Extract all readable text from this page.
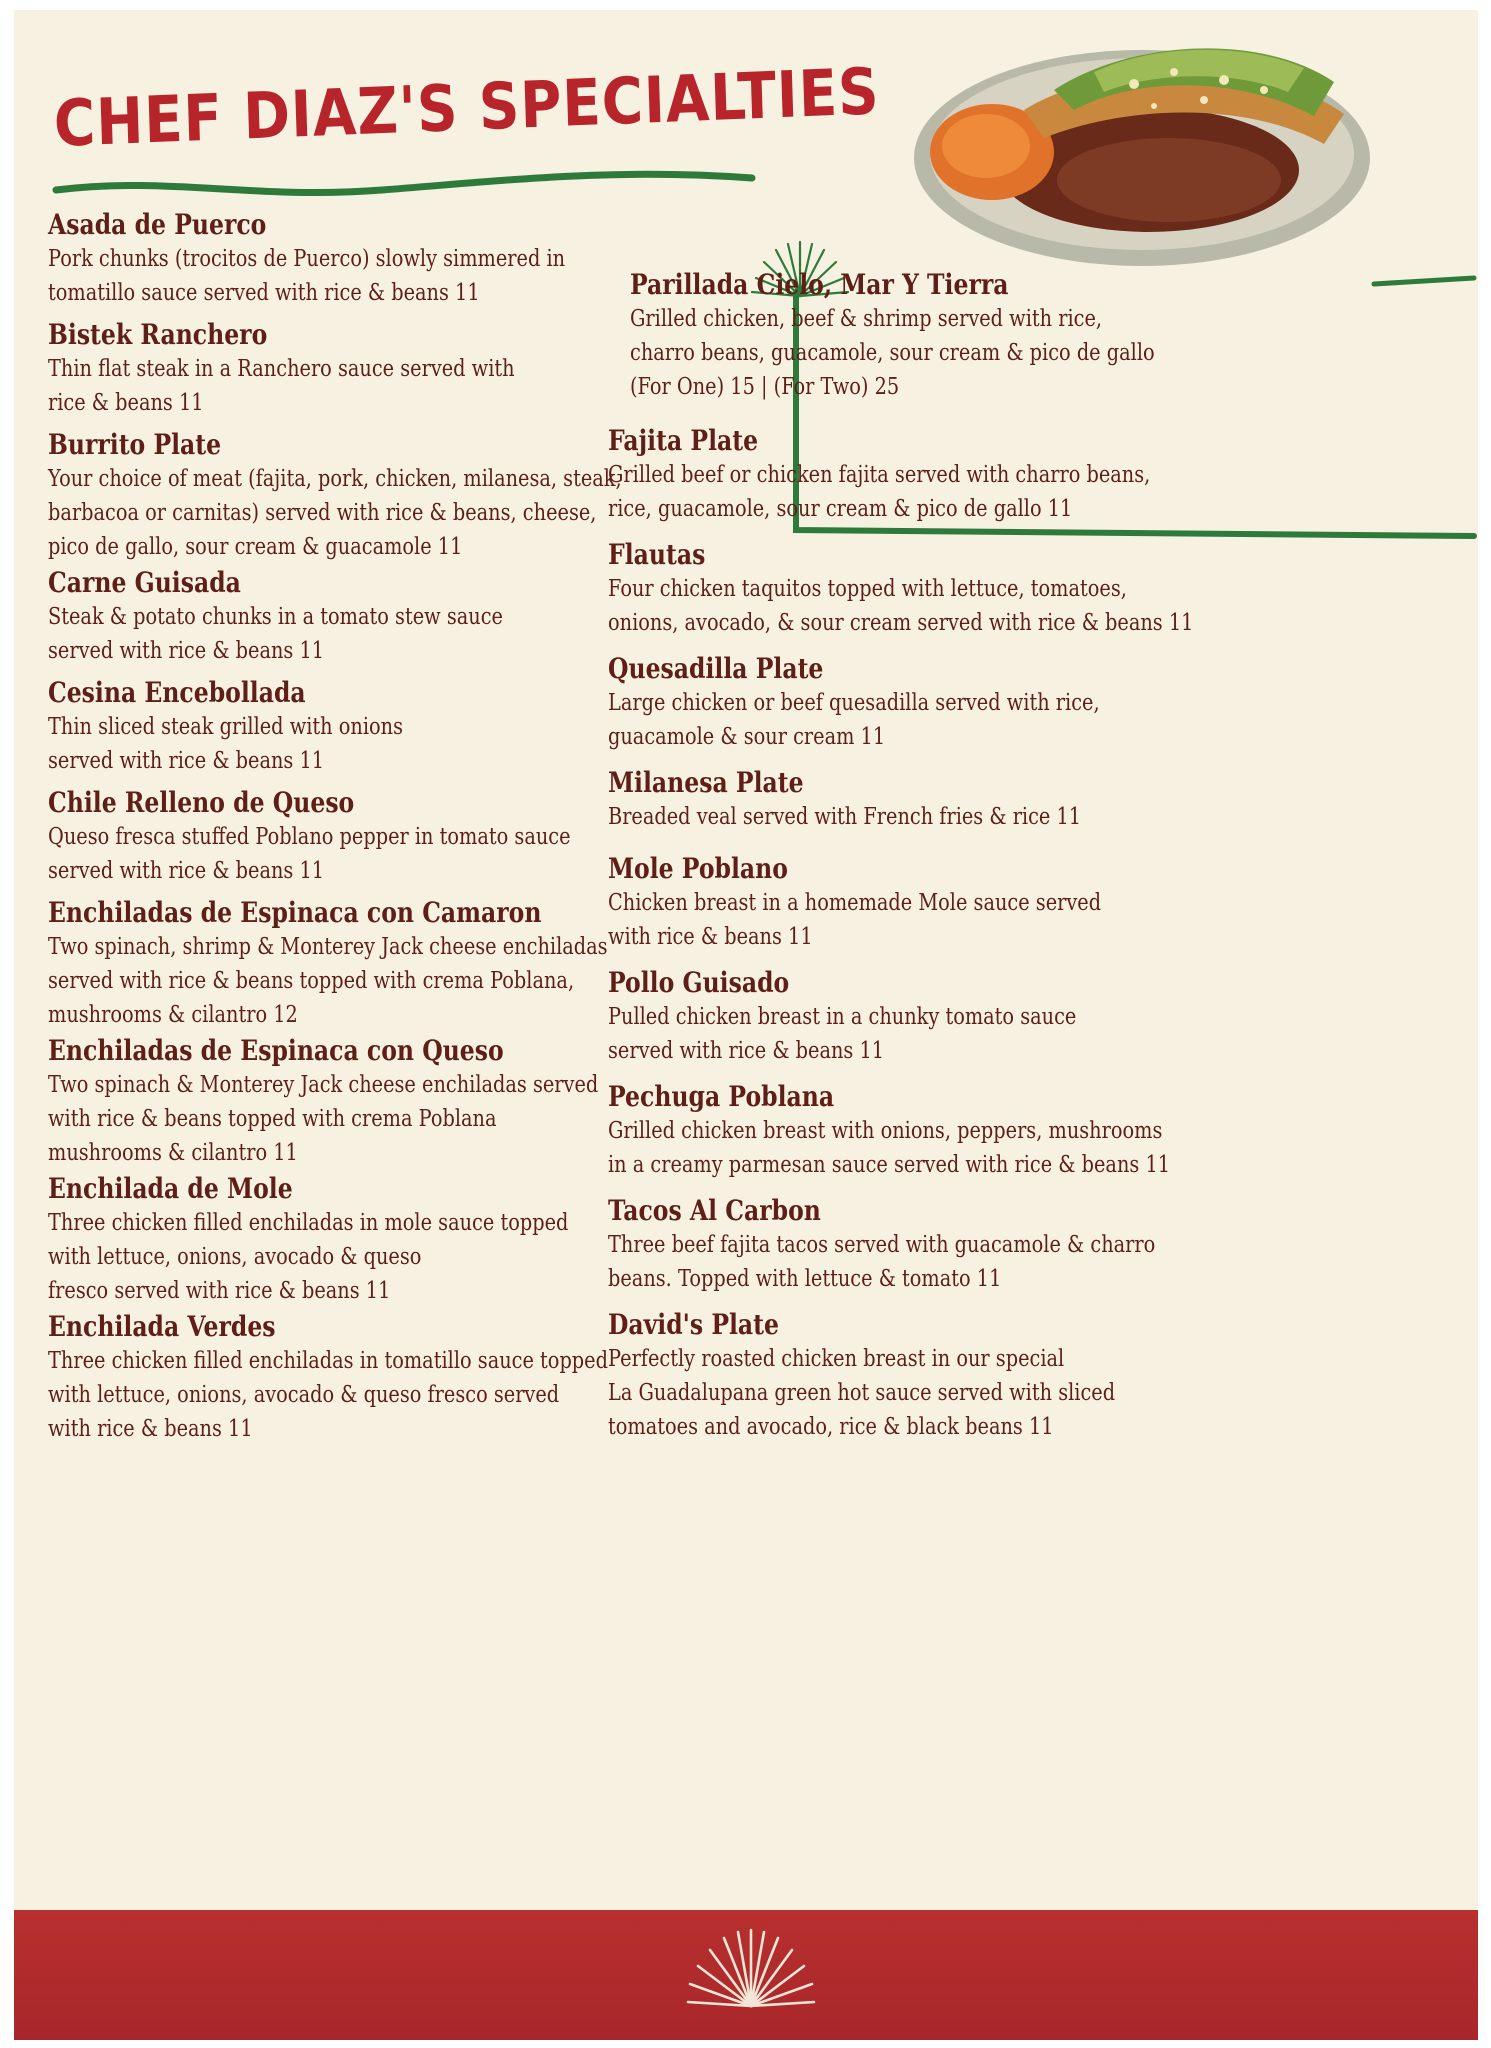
CHEF DIAZ'S SPECIALTIES
Asada de Puerco
Pork chunks (trocitos de Puerco) slowly simmered in
tomatillo sauce served with rice & beans 11
Bistek Ranchero
Thin flat steak in a Ranchero sauce served with
rice & beans 11
Burrito Plate
Your choice of meat (fajita, pork, chicken, milanesa, steak,
barbacoa or carnitas) served with rice & beans, cheese,
pico de gallo, sour cream & guacamole 11
Carne Guisada
Steak & potato chunks in a tomato stew sauce
served with rice & beans 11
Cesina Encebollada
Thin sliced steak grilled with onions
served with rice & beans 11
Chile Relleno de Queso
Queso fresca stuffed Poblano pepper in tomato sauce
served with rice & beans 11
Enchiladas de Espinaca con Camaron
Two spinach, shrimp & Monterey Jack cheese enchiladas
served with rice & beans topped with crema Poblana,
mushrooms & cilantro 12
Enchiladas de Espinaca con Queso
Two spinach & Monterey Jack cheese enchiladas served
with rice & beans topped with crema Poblana
mushrooms & cilantro 11
Enchilada de Mole
Three chicken filled enchiladas in mole sauce topped
with lettuce, onions, avocado & queso
fresco served with rice & beans 11
Enchilada Verdes
Three chicken filled enchiladas in tomatillo sauce topped
with lettuce, onions, avocado & queso fresco served
with rice & beans 11
Fajita Plate
Grilled beef or chicken fajita served with charro beans,
rice, guacamole, sour cream & pico de gallo 11
Flautas
Four chicken taquitos topped with lettuce, tomatoes,
onions, avocado, & sour cream served with rice & beans 11
Quesadilla Plate
Large chicken or beef quesadilla served with rice,
guacamole & sour cream 11
Milanesa Plate
Breaded veal served with French fries & rice 11
Mole Poblano
Chicken breast in a homemade Mole sauce served
with rice & beans 11
Pollo Guisado
Pulled chicken breast in a chunky tomato sauce
served with rice & beans 11
Pechuga Poblana
Grilled chicken breast with onions, peppers, mushrooms
in a creamy parmesan sauce served with rice & beans 11
Tacos Al Carbon
Three beef fajita tacos served with guacamole & charro
beans. Topped with lettuce & tomato 11
David's Plate
Perfectly roasted chicken breast in our special
La Guadalupana green hot sauce served with sliced
tomatoes and avocado, rice & black beans 11
Parillada Cielo, Mar Y Tierra
Grilled chicken, beef & shrimp served with rice,
charro beans, guacamole, sour cream & pico de gallo
(For One) 15 | (For Two) 25
